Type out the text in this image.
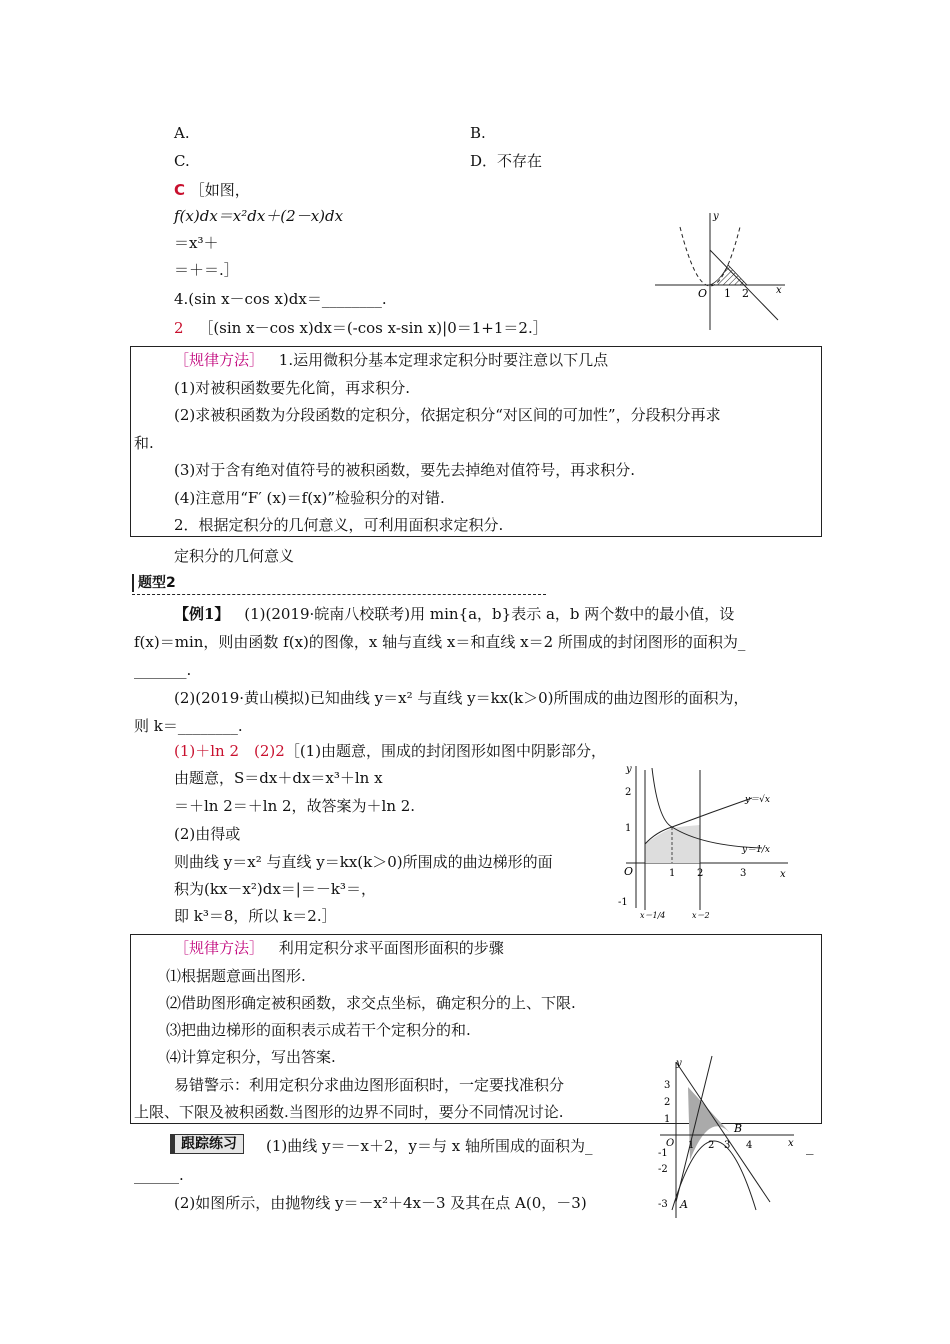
A.	B.
C.	D．不存在
C ［如图，
f(x)dx＝x²dx＋(2－x)dx
＝x³＋
＝＋＝.］
4.(sin x－cos x)dx＝________.
2 ［(sin x－cos x)dx＝(-cos x-sin x)|0＝1+1＝2.］
y
O 1 2	x
［规律方法］ 1.运用微积分基本定理求定积分时要注意以下几点
(1)对被积函数要先化简，再求积分.
(2)求被积函数为分段函数的定积分，依据定积分“对区间的可加性”，分段积分再求
和.
(3)对于含有绝对值符号的被积函数，要先去掉绝对值符号，再求积分.
(4)注意用“F′ (x)＝f(x)”检验积分的对错.
2．根据定积分的几何意义，可利用面积求定积分.
定积分的几何意义
题型2
【例1】 (1)(2019·皖南八校联考)用 min{a，b}表示 a，b 两个数中的最小值，设
f(x)＝min，则由函数 f(x)的图像，x 轴与直线 x＝和直线 x＝2 所围成的封闭图形的面积为_
_______.
(2)(2019·黄山模拟)已知曲线 y＝x² 与直线 y＝kx(k＞0)所围成的曲边图形的面积为，
则 k＝________.
(1)＋ln 2　(2)2［(1)由题意，围成的封闭图形如图中阴影部分，
由题意，S＝dx＋dx＝x³＋ln x
＝＋ln 2＝＋ln 2，故答案为＋ln 2.
(2)由得或
则曲线 y＝x² 与直线 y＝kx(k＞0)所围成的曲边梯形的面
积为(kx－x²)dx＝|＝－k³＝，
即 k³＝8，所以 k＝2.］
y
O	1 2	3	x
2
1
-1
y＝√x
y＝1/x
x＝1/4	x＝2
［规律方法］ 利用定积分求平面图形面积的步骤
⑴根据题意画出图形.
⑵借助图形确定被积函数，求交点坐标，确定积分的上、下限.
⑶把曲边梯形的面积表示成若干个定积分的和.
⑷计算定积分，写出答案.
易错警示：利用定积分求曲边图形面积时，一定要找准积分
上限、下限及被积函数.当图形的边界不同时，要分不同情况讨论.
y
x
B
A
3
2
1
-1
-2
-3
O 1 2 3 4
跟踪练习	(1)曲线 y＝－x＋2，y＝与 x 轴所围成的面积为_	_
______.
(2)如图所示，由抛物线 y＝－x²＋4x－3 及其在点 A(0，－3)
